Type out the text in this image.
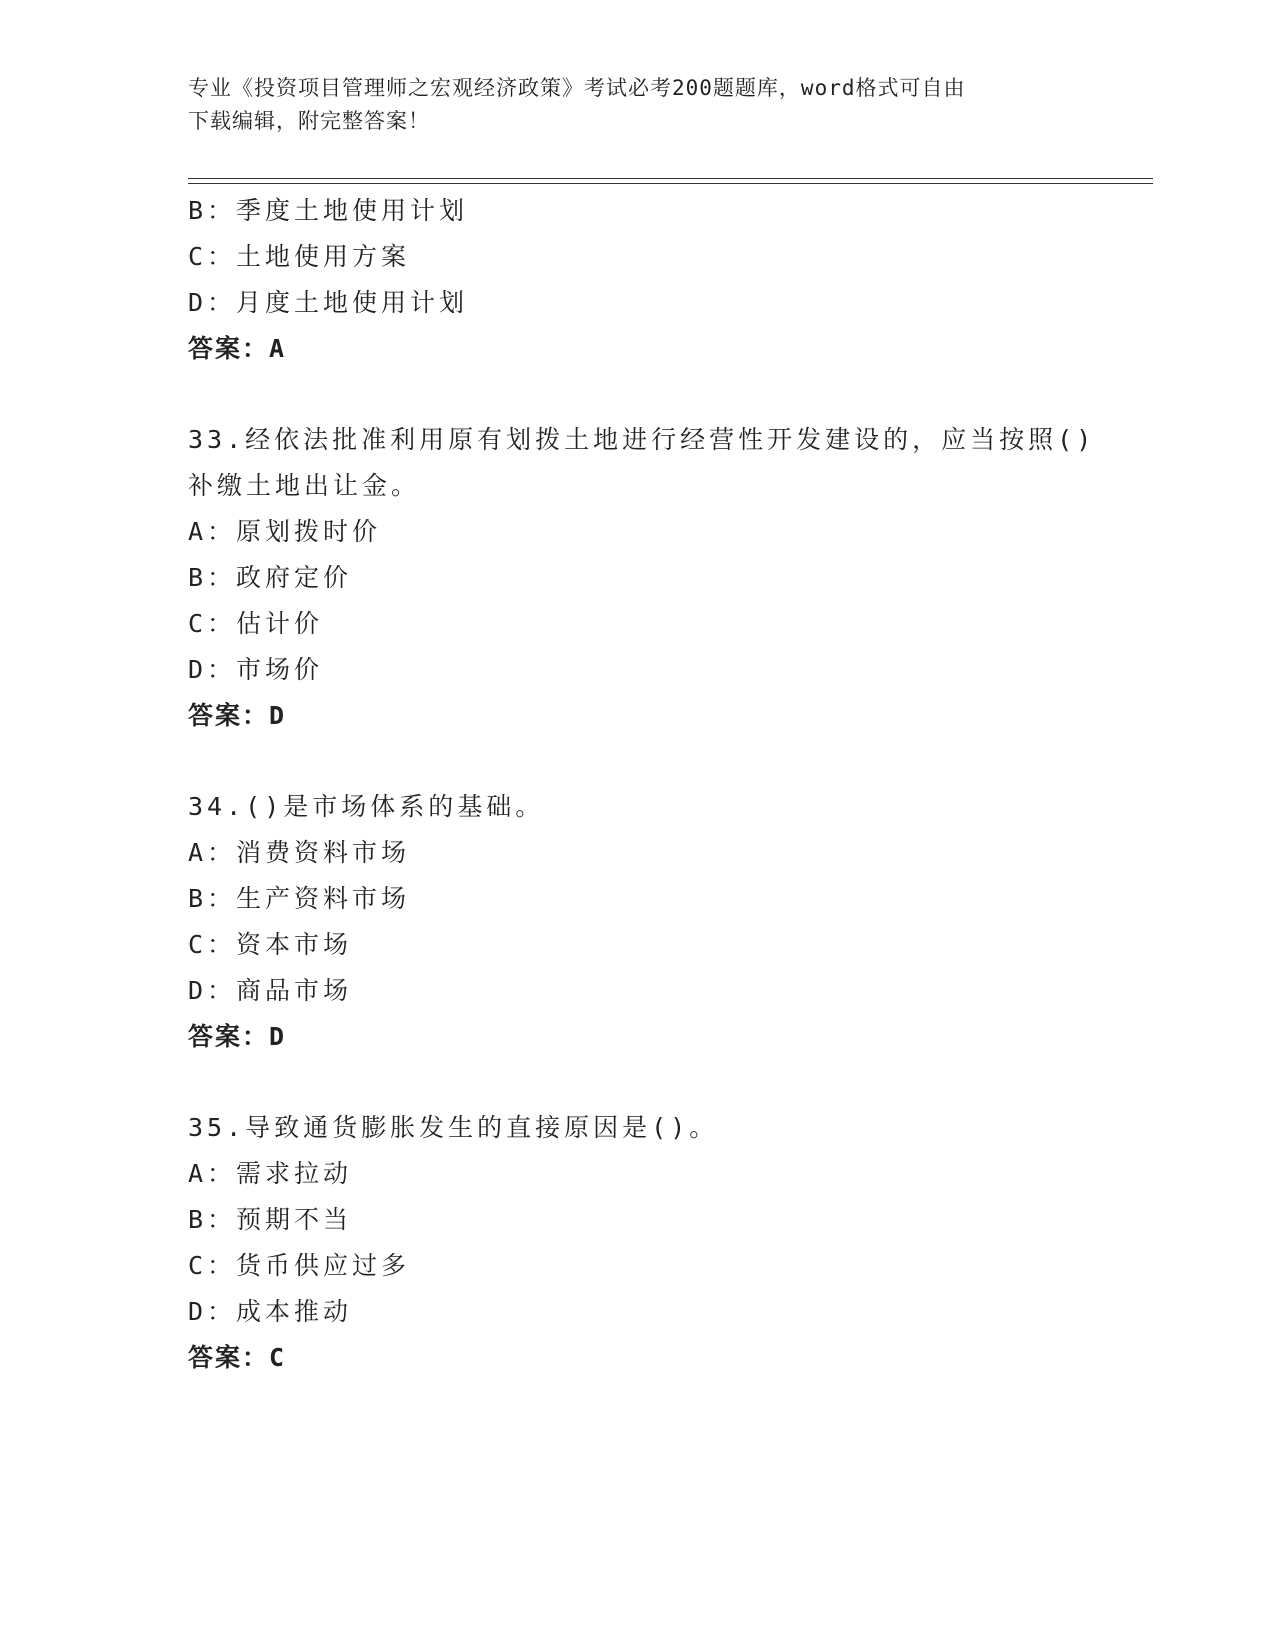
专业《投资项目管理师之宏观经济政策》考试必考200题题库，word格式可自由
下载编辑，附完整答案！
B：季度土地使用计划
C：土地使用方案
D：月度土地使用计划
答案：A
33.经依法批准利用原有划拨土地进行经营性开发建设的，应当按照()
补缴土地出让金。
A：原划拨时价
B：政府定价
C：估计价
D：市场价
答案：D
34.()是市场体系的基础。
A：消费资料市场
B：生产资料市场
C：资本市场
D：商品市场
答案：D
35.导致通货膨胀发生的直接原因是()。
A：需求拉动
B：预期不当
C：货币供应过多
D：成本推动
答案：C
